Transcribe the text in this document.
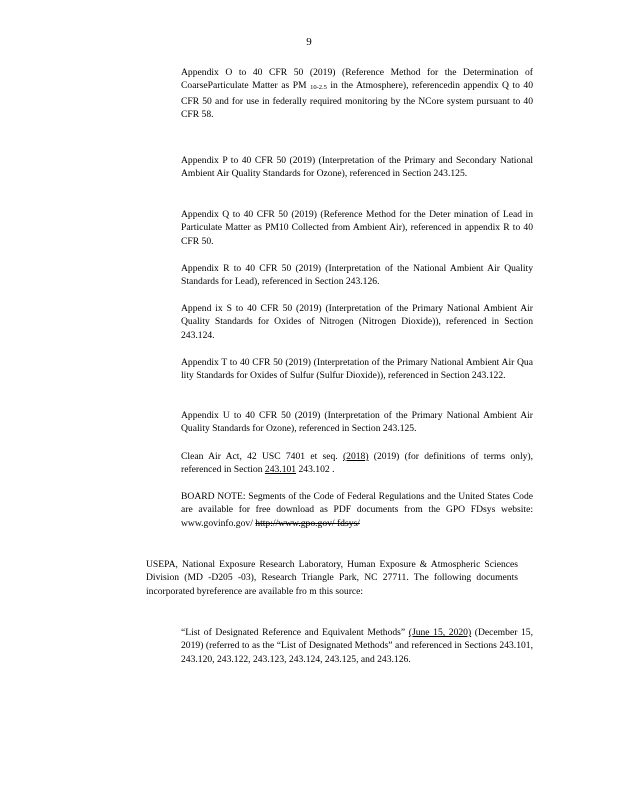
9

Appendix O to 40 CFR 50 (2019) (Reference Method for the Determination of CoarseParticulate Matter as PM 10-2.5 in the Atmosphere), referencedin appendix Q to 40 CFR 50 and for use in federally required monitoring by the NCore system pursuant to 40 CFR 58.

Appendix P to 40 CFR 50 (2019) (Interpretation of the Primary and Secondary National Ambient Air Quality Standards for Ozone), referenced in Section 243.125.

Appendix Q to 40 CFR 50 (2019) (Reference Method for the Deter mination of Lead in Particulate Matter as PM10 Collected from Ambient Air), referenced in appendix R to 40 CFR 50.

Appendix R to 40 CFR 50 (2019) (Interpretation of the National Ambient Air Quality Standards for Lead), referenced in Section 243.126.

Append ix S to 40 CFR 50 (2019) (Interpretation of the Primary National Ambient Air Quality Standards for Oxides of Nitrogen (Nitrogen Dioxide)), referenced in Section 243.124.

Appendix T to 40 CFR 50 (2019) (Interpretation of the Primary National Ambient Air Qua lity Standards for Oxides of Sulfur (Sulfur Dioxide)), referenced in Section 243.122.

Appendix U to 40 CFR 50 (2019) (Interpretation of the Primary National Ambient Air Quality Standards for Ozone), referenced in Section 243.125.

Clean Air Act, 42 USC 7401 et seq. (2018) (2019) (for definitions of terms only), referenced in Section 243.101 243.102 .

BOARD NOTE: Segments of the Code of Federal Regulations and the United States Code are available for free download as PDF documents from the GPO FDsys website: www.govinfo.gov/ http://www.gpo.gov/ fdsys/

USEPA, National Exposure Research Laboratory, Human Exposure & Atmospheric Sciences Division (MD -D205 -03), Research Triangle Park, NC 27711. The following documents incorporated byreference are available fro m this source:

“List of Designated Reference and Equivalent Methods” (June 15, 2020) (December 15, 2019) (referred to as the “List of Designated Methods” and referenced in Sections 243.101, 243.120, 243.122, 243.123, 243.124, 243.125, and 243.126.
